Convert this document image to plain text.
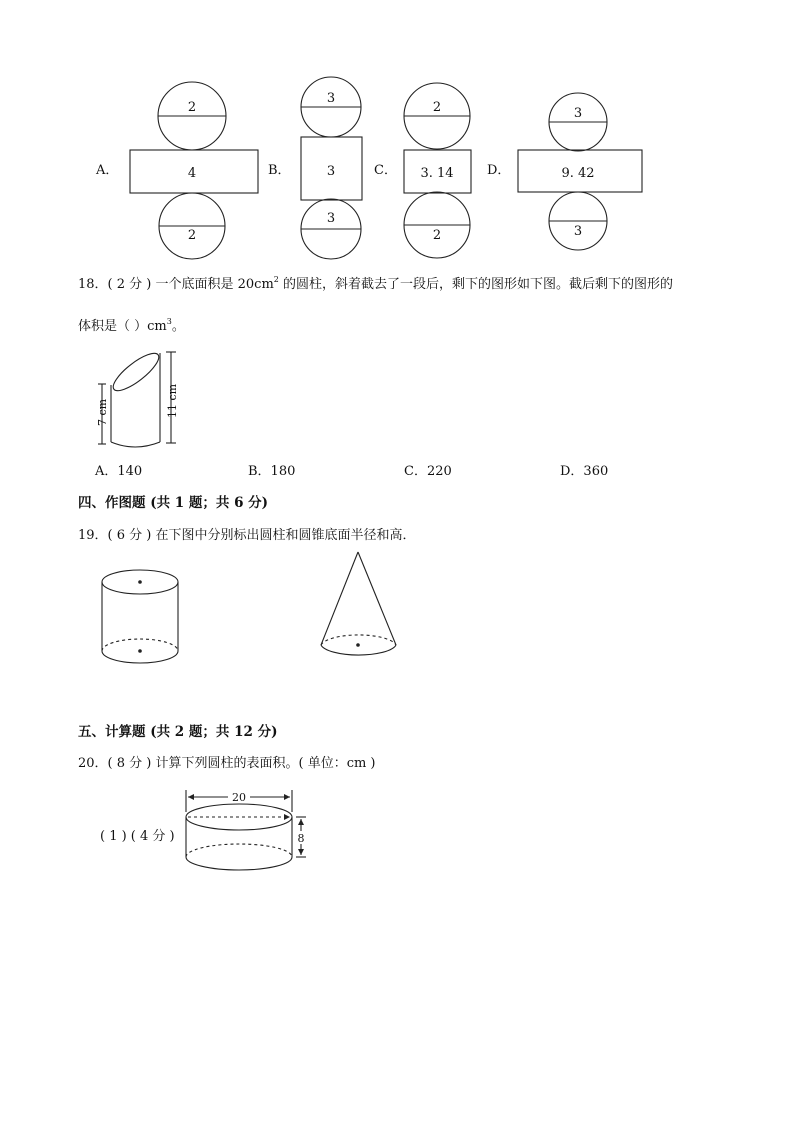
A．	B．	C．	D．
2
4
2
3
3
3
2
3. 14
2
3
9. 42
3
18．( 2 分 ) 一个底面积是 $20cm^2$ 的圆柱，斜着截去了一段后，剩下的图形如下图。截后剩下的图形的
体积是（ ）$cm^3$。
7 cm	11 cm
A．140	B．180	C．220	D．360
四、作图题 (共 1 题；共 6 分)
19．( 6 分 ) 在下图中分别标出圆柱和圆锥底面半径和高．
五、计算题 (共 2 题；共 12 分)
20．( 8 分 ) 计算下列圆柱的表面积。( 单位：cm )
( 1 ) ( 4 分 )
20
8
